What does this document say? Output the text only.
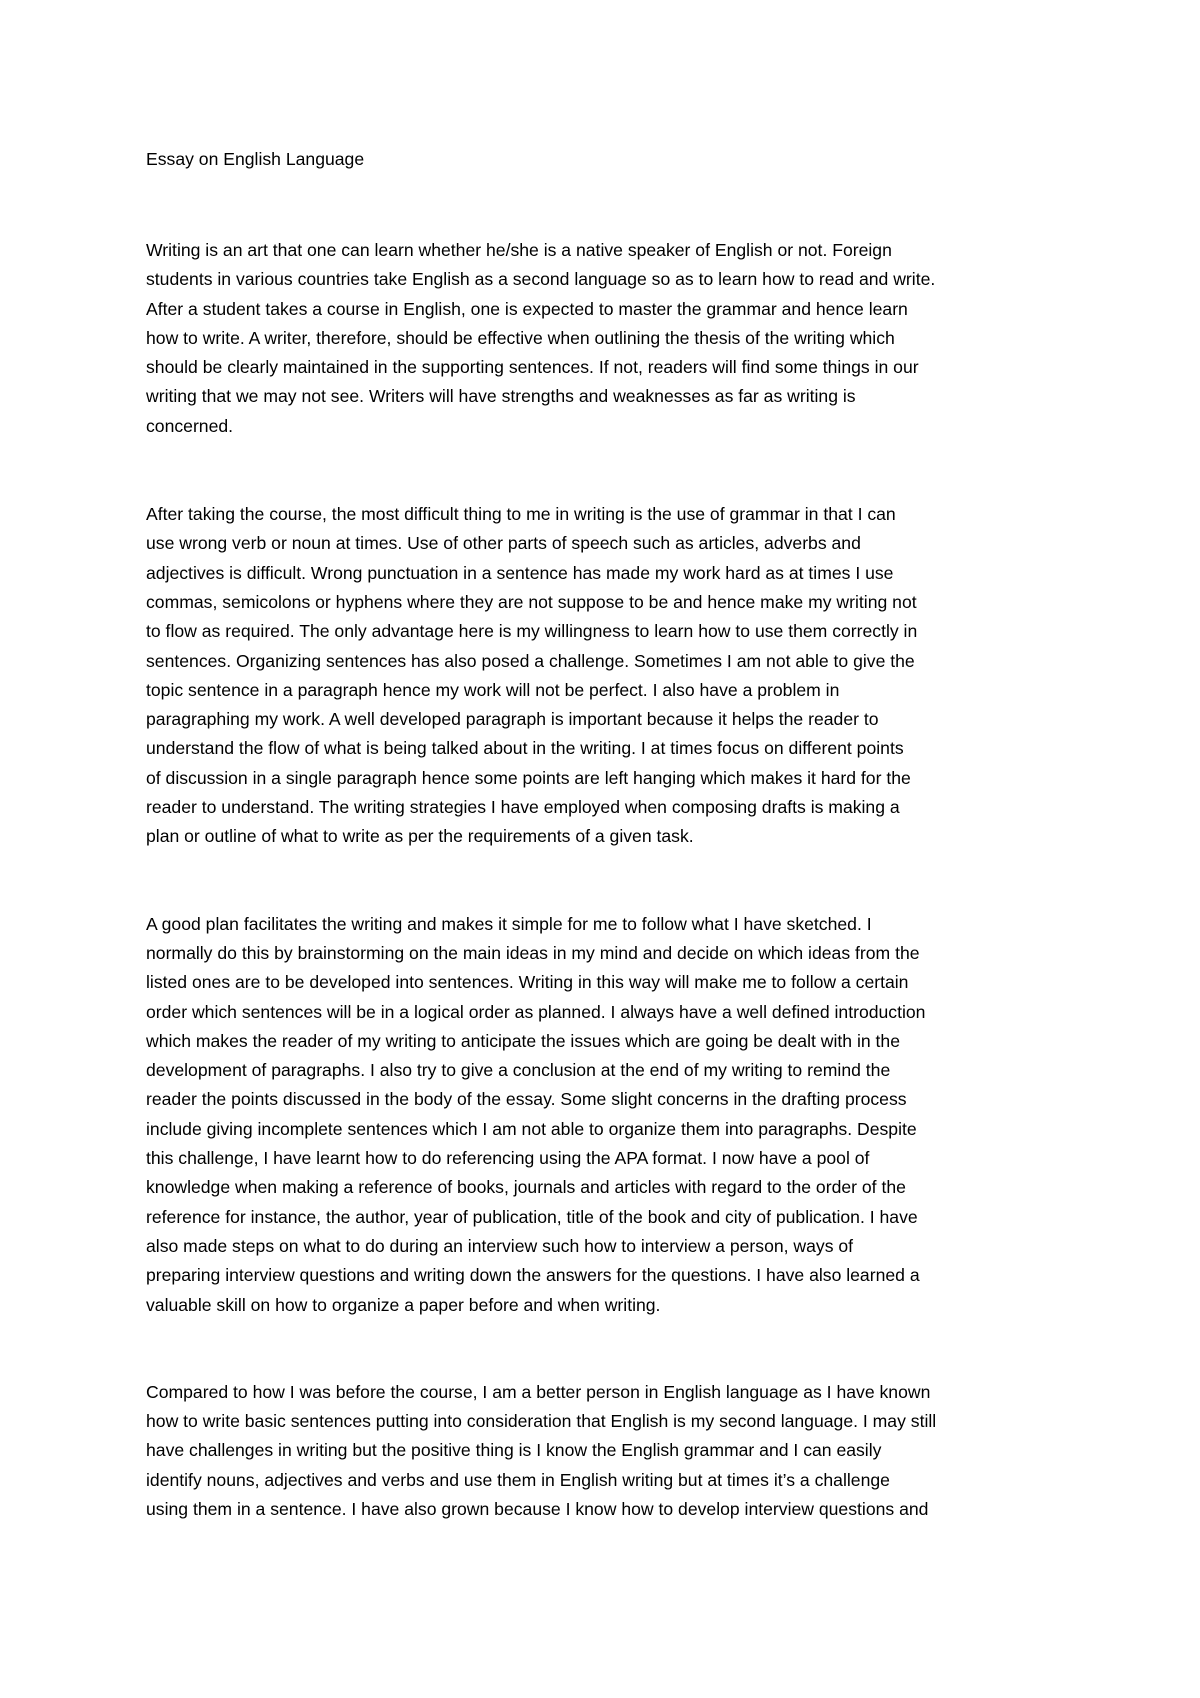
Essay on English Language

Writing is an art that one can learn whether he/she is a native speaker of English or not. Foreign
students in various countries take English as a second language so as to learn how to read and write.
After a student takes a course in English, one is expected to master the grammar and hence learn
how to write. A writer, therefore, should be effective when outlining the thesis of the writing which
should be clearly maintained in the supporting sentences. If not, readers will find some things in our
writing that we may not see. Writers will have strengths and weaknesses as far as writing is
concerned.

After taking the course, the most difficult thing to me in writing is the use of grammar in that I can
use wrong verb or noun at times. Use of other parts of speech such as articles, adverbs and
adjectives is difficult. Wrong punctuation in a sentence has made my work hard as at times I use
commas, semicolons or hyphens where they are not suppose to be and hence make my writing not
to flow as required. The only advantage here is my willingness to learn how to use them correctly in
sentences. Organizing sentences has also posed a challenge. Sometimes I am not able to give the
topic sentence in a paragraph hence my work will not be perfect. I also have a problem in
paragraphing my work. A well developed paragraph is important because it helps the reader to
understand the flow of what is being talked about in the writing. I at times focus on different points
of discussion in a single paragraph hence some points are left hanging which makes it hard for the
reader to understand. The writing strategies I have employed when composing drafts is making a
plan or outline of what to write as per the requirements of a given task.

A good plan facilitates the writing and makes it simple for me to follow what I have sketched. I
normally do this by brainstorming on the main ideas in my mind and decide on which ideas from the
listed ones are to be developed into sentences. Writing in this way will make me to follow a certain
order which sentences will be in a logical order as planned. I always have a well defined introduction
which makes the reader of my writing to anticipate the issues which are going be dealt with in the
development of paragraphs. I also try to give a conclusion at the end of my writing to remind the
reader the points discussed in the body of the essay. Some slight concerns in the drafting process
include giving incomplete sentences which I am not able to organize them into paragraphs. Despite
this challenge, I have learnt how to do referencing using the APA format. I now have a pool of
knowledge when making a reference of books, journals and articles with regard to the order of the
reference for instance, the author, year of publication, title of the book and city of publication. I have
also made steps on what to do during an interview such how to interview a person, ways of
preparing interview questions and writing down the answers for the questions. I have also learned a
valuable skill on how to organize a paper before and when writing.

Compared to how I was before the course, I am a better person in English language as I have known
how to write basic sentences putting into consideration that English is my second language. I may still
have challenges in writing but the positive thing is I know the English grammar and I can easily
identify nouns, adjectives and verbs and use them in English writing but at times it’s a challenge
using them in a sentence. I have also grown because I know how to develop interview questions and
